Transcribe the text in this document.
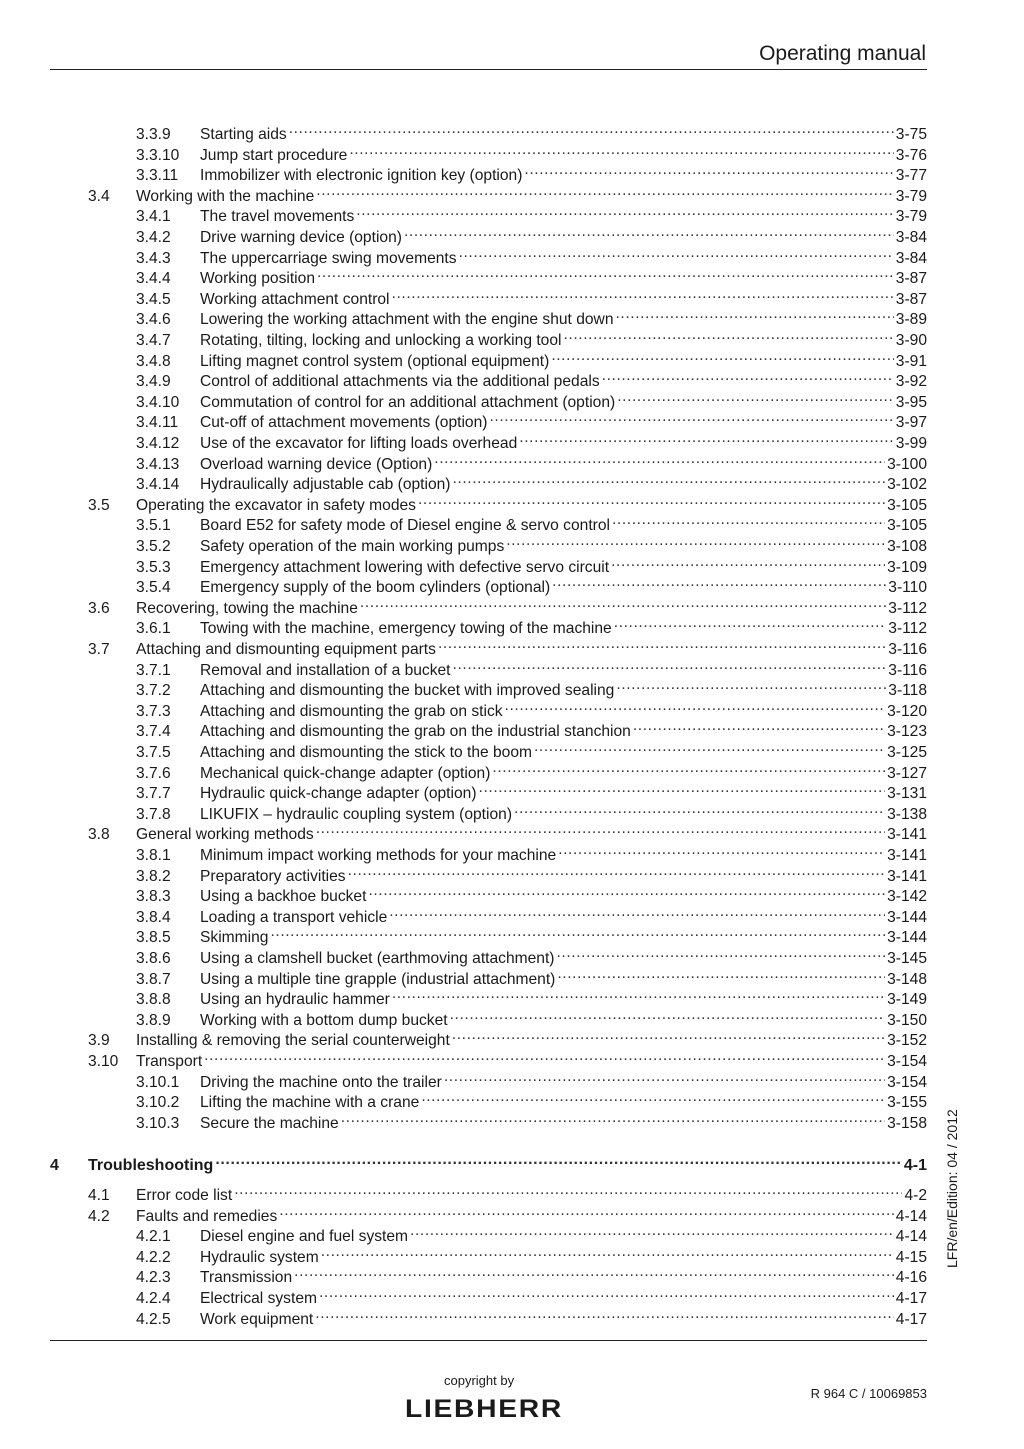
Operating manual
3.3.9	Starting aids .....	3-75
3.3.10	Jump start procedure .....	3-76
3.3.11	Immobilizer with electronic ignition key (option) .....	3-77
3.4	Working with the machine .....	3-79
3.4.1	The travel movements .....	3-79
3.4.2	Drive warning device (option) .....	3-84
3.4.3	The uppercarriage swing movements .....	3-84
3.4.4	Working position .....	3-87
3.4.5	Working attachment control .....	3-87
3.4.6	Lowering the working attachment with the engine shut down .....	3-89
3.4.7	Rotating, tilting, locking and unlocking a working tool .....	3-90
3.4.8	Lifting magnet control system (optional equipment) .....	3-91
3.4.9	Control of additional attachments via the additional pedals .....	3-92
3.4.10	Commutation of control for an additional attachment (option) .....	3-95
3.4.11	Cut-off of attachment movements (option) .....	3-97
3.4.12	Use of the excavator for lifting loads overhead .....	3-99
3.4.13	Overload warning device (Option) .....	3-100
3.4.14	Hydraulically adjustable cab (option) .....	3-102
3.5	Operating the excavator in safety modes .....	3-105
3.5.1	Board E52 for safety mode of Diesel engine & servo control .....	3-105
3.5.2	Safety operation of the main working pumps .....	3-108
3.5.3	Emergency attachment lowering with defective servo circuit .....	3-109
3.5.4	Emergency supply of the boom cylinders (optional) .....	3-110
3.6	Recovering, towing the machine .....	3-112
3.6.1	Towing with the machine, emergency towing of the machine .....	3-112
3.7	Attaching and dismounting equipment parts .....	3-116
3.7.1	Removal and installation of a bucket .....	3-116
3.7.2	Attaching and dismounting the bucket with improved sealing .....	3-118
3.7.3	Attaching and dismounting the grab on stick .....	3-120
3.7.4	Attaching and dismounting the grab on the industrial stanchion .....	3-123
3.7.5	Attaching and dismounting the stick to the boom .....	3-125
3.7.6	Mechanical quick-change adapter (option) .....	3-127
3.7.7	Hydraulic quick-change adapter (option) .....	3-131
3.7.8	LIKUFIX – hydraulic coupling system (option) .....	3-138
3.8	General working methods .....	3-141
3.8.1	Minimum impact working methods for your machine .....	3-141
3.8.2	Preparatory activities .....	3-141
3.8.3	Using a backhoe bucket .....	3-142
3.8.4	Loading a transport vehicle .....	3-144
3.8.5	Skimming .....	3-144
3.8.6	Using a clamshell bucket (earthmoving attachment) .....	3-145
3.8.7	Using a multiple tine grapple (industrial attachment) .....	3-148
3.8.8	Using an hydraulic hammer .....	3-149
3.8.9	Working with a bottom dump bucket .....	3-150
3.9	Installing & removing the serial counterweight .....	3-152
3.10	Transport .....	3-154
3.10.1	Driving the machine onto the trailer .....	3-154
3.10.2	Lifting the machine with a crane .....	3-155
3.10.3	Secure the machine .....	3-158
4	Troubleshooting .....	4-1
4.1	Error code list .....	4-2
4.2	Faults and remedies .....	4-14
4.2.1	Diesel engine and fuel system .....	4-14
4.2.2	Hydraulic system .....	4-15
4.2.3	Transmission .....	4-16
4.2.4	Electrical system .....	4-17
4.2.5	Work equipment .....	4-17
LFR/en/Edition: 04 / 2012
copyright by
LIEBHERR
R 964 C / 10069853
